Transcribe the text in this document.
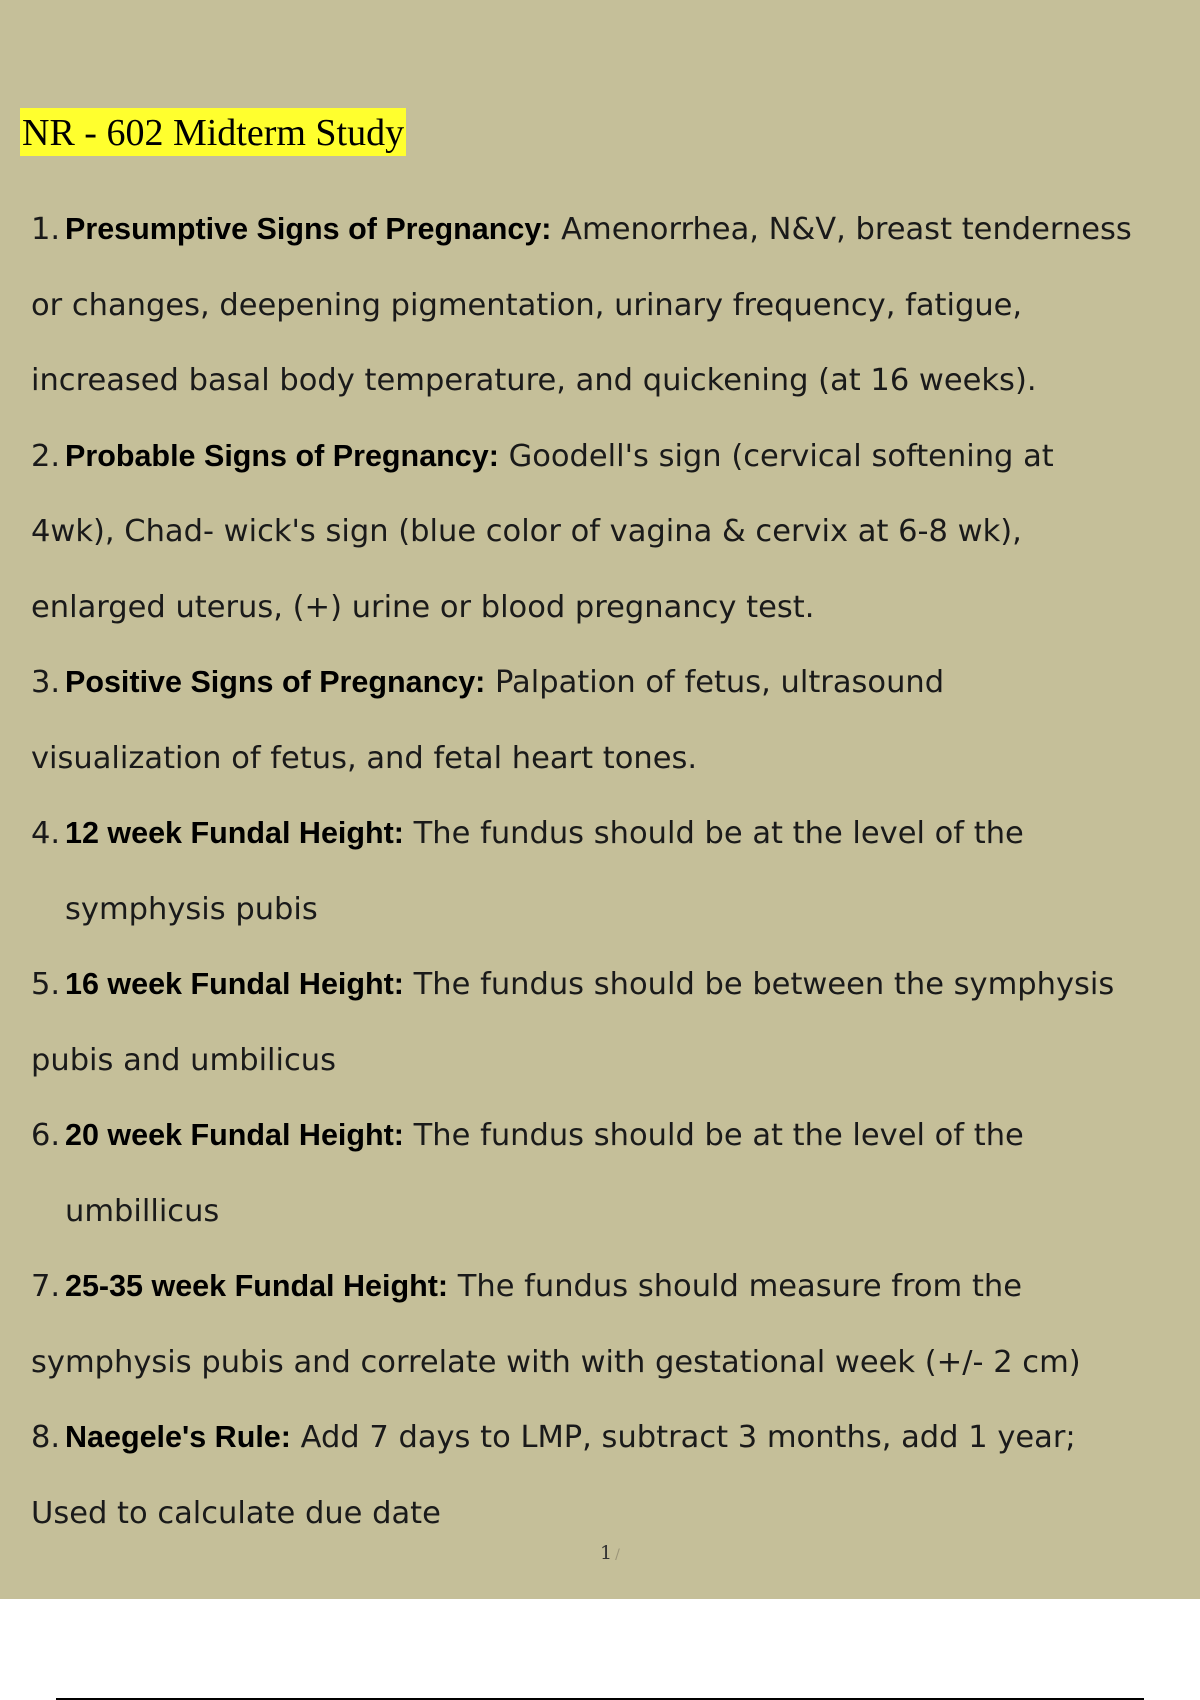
NR - 602 Midterm Study
1. Presumptive Signs of Pregnancy: Amenorrhea, N&V, breast tenderness
or changes, deepening pigmentation, urinary frequency, fatigue,
increased basal body temperature, and quickening (at 16 weeks).
2. Probable Signs of Pregnancy: Goodell's sign (cervical softening at
4wk), Chad- wick's sign (blue color of vagina & cervix at 6-8 wk),
enlarged uterus, (+) urine or blood pregnancy test.
3. Positive Signs of Pregnancy: Palpation of fetus, ultrasound
visualization of fetus, and fetal heart tones.
4. 12 week Fundal Height: The fundus should be at the level of the
symphysis pubis
5. 16 week Fundal Height: The fundus should be between the symphysis
pubis and umbilicus
6. 20 week Fundal Height: The fundus should be at the level of the
umbillicus
7. 25-35 week Fundal Height: The fundus should measure from the
symphysis pubis and correlate with with gestational week (+/- 2 cm)
8. Naegele's Rule: Add 7 days to LMP, subtract 3 months, add 1 year;
Used to calculate due date
1 /
